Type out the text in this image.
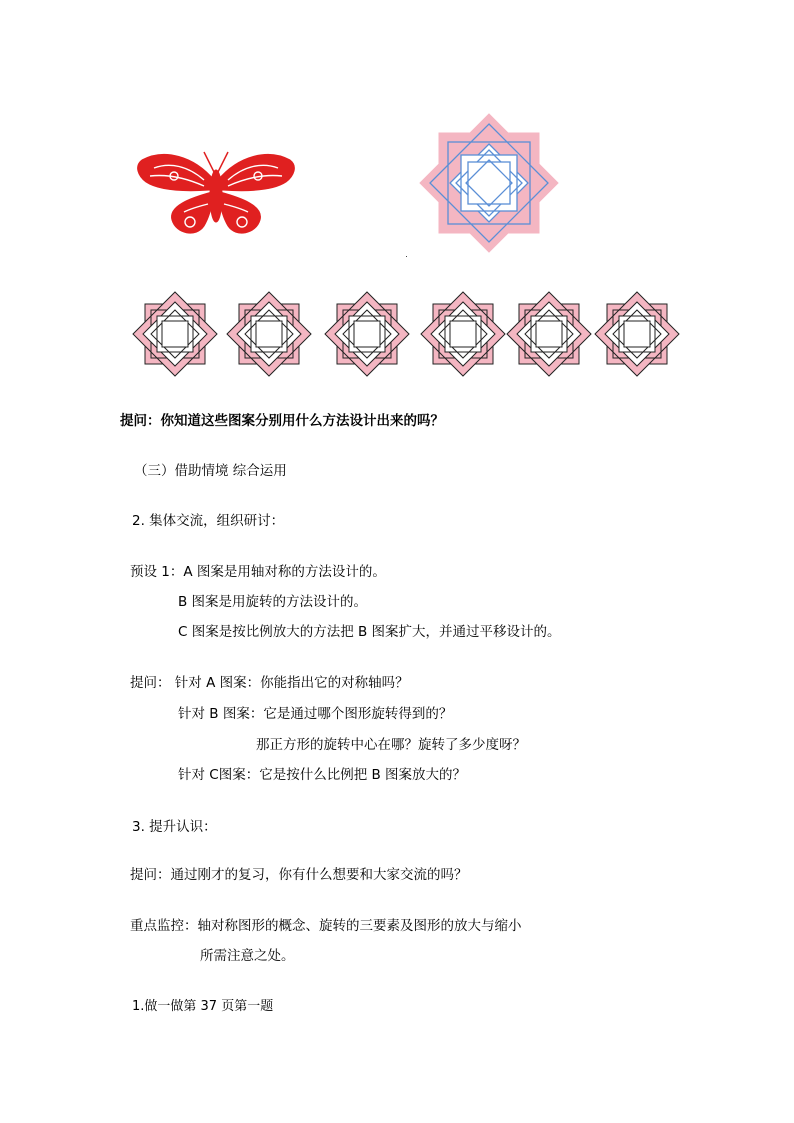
提问：你知道这些图案分别用什么方法设计出来的吗？
（三）借助情境 综合运用
2. 集体交流，组织研讨：
预设 1：A 图案是用轴对称的方法设计的。
B 图案是用旋转的方法设计的。
C 图案是按比例放大的方法把 B 图案扩大，并通过平移设计的。
提问： 针对 A 图案：你能指出它的对称轴吗？
针对 B 图案：它是通过哪个图形旋转得到的？
那正方形的旋转中心在哪？旋转了多少度呀？
针对 C图案：它是按什么比例把 B 图案放大的？
3. 提升认识：
提问：通过刚才的复习，你有什么想要和大家交流的吗？
重点监控：轴对称图形的概念、旋转的三要素及图形的放大与缩小
所需注意之处。
1.做一做第 37 页第一题
